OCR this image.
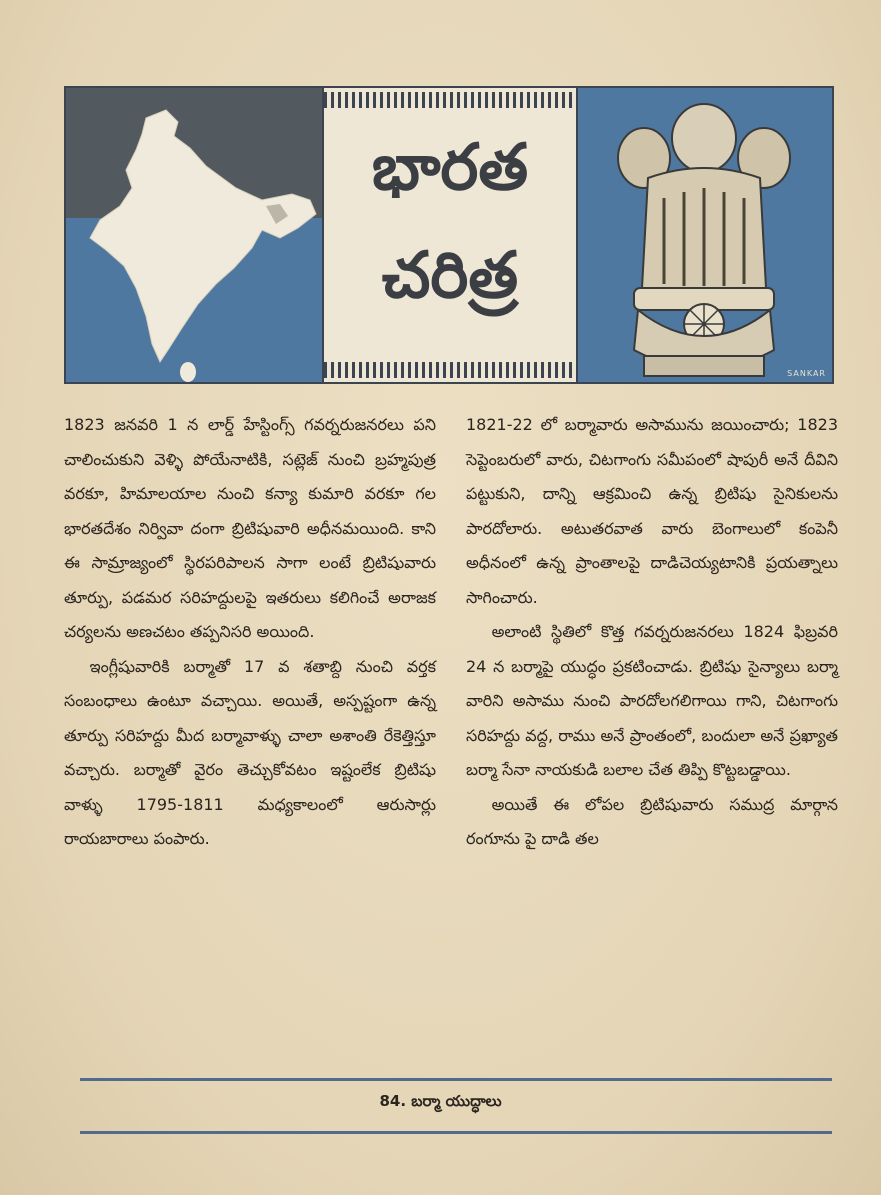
భారత
చరిత్ర
SANKAR

1823 జనవరి 1 న లార్డ్ హేస్టింగ్స్ గవర్నరుజనరలు పని చాలించుకుని వెళ్ళి పోయేనాటికి, సట్లెజ్ నుంచి బ్రహ్మపుత్ర వరకూ, హిమాలయాల నుంచి కన్యా కుమారి వరకూ గల భారతదేశం నిర్వివా దంగా బ్రిటిషువారి అధీనమయింది. కాని ఈ సామ్రాజ్యంలో స్థిరపరిపాలన సాగా లంటే బ్రిటిషువారు తూర్పు, పడమర సరిహద్దులపై ఇతరులు కలిగించే అరాజక చర్యలను అణచటం తప్పనిసరి అయింది.

ఇంగ్లీషువారికి బర్మాతో 17 వ శతాబ్ది నుంచి వర్తక సంబంధాలు ఉంటూ వచ్చాయి. అయితే, అస్పష్టంగా ఉన్న తూర్పు సరిహద్దు మీద బర్మావాళ్ళు చాలా అశాంతి రేకెత్తిస్తూ వచ్చారు. బర్మాతో వైరం తెచ్చుకోవటం ఇష్టంలేక బ్రిటిషు వాళ్ళు 1795-1811 మధ్యకాలంలో ఆరుసార్లు రాయబారాలు పంపారు.

1821-22 లో బర్మావారు అసామును జయించారు; 1823 సెప్టెంబరులో వారు, చిటగాంగు సమీపంలో షాపురీ అనే దీవిని పట్టుకుని, దాన్ని ఆక్రమించి ఉన్న బ్రిటిషు సైనికులను పారదోలారు. అటుతరవాత వారు బెంగాలులో కంపెనీ అధీనంలో ఉన్న ప్రాంతాలపై దాడిచెయ్యటానికి ప్రయత్నాలు సాగించారు.

అలాంటి స్థితిలో కొత్త గవర్నరుజనరలు 1824 ఫిబ్రవరి 24 న బర్మాపై యుద్ధం ప్రకటించాడు. బ్రిటిషు సైన్యాలు బర్మా వారిని అసాము నుంచి పారదోలగలిగాయి గాని, చిటగాంగు సరిహద్దు వద్ద, రాము అనే ప్రాంతంలో, బందులా అనే ప్రఖ్యాత బర్మా సేనా నాయకుడి బలాల చేత తిప్పి కొట్టబడ్డాయి.

అయితే ఈ లోపల బ్రిటిషువారు సముద్ర మార్గాన రంగూను పై దాడి తల

84. బర్మా యుద్ధాలు
